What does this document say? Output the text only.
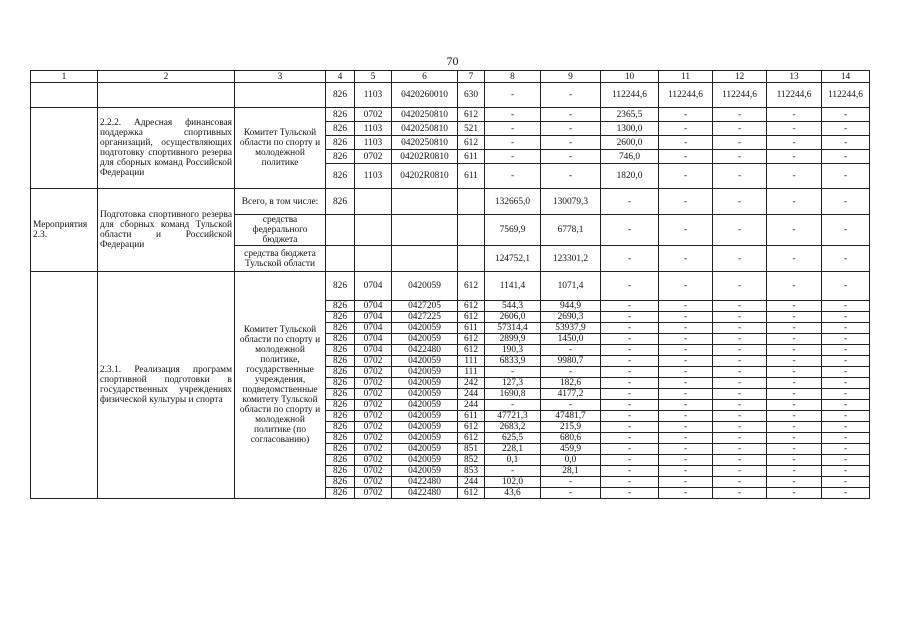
70
1	2	3	4	5	6	7	8	9	10	11	12	13	14
			826	1103	0420260010	630	-	-	112244,6	112244,6	112244,6	112244,6	112244,6
	2.2.2. Адресная финансовая поддержка спортивных организаций, осуществляющих подготовку спортивного резерва для сборных команд Российской Федерации	Комитет Тульской области по спорту и молодежной политике	826	0702	0420250810	612	-	-	2365,5	-	-	-	-
			826	1103	0420250810	521	-	-	1300,0	-	-	-	-
			826	1103	0420250810	612	-	-	2600,0	-	-	-	-
			826	0702	04202R0810	611	-	-	746,0	-	-	-	-
			826	1103	04202R0810	611	-	-	1820,0	-	-	-	-
Мероприятия 2.3.	Подготовка спортивного резерва для сборных команд Тульской области и Российской Федерации	Всего, в том числе:	826				132665,0	130079,3	-	-	-	-	-
		средства федерального бюджета					7569,9	6778,1	-	-	-	-	-
		средства бюджета Тульской области					124752,1	123301,2	-	-	-	-	-
	2.3.1. Реализация программ спортивной подготовки в государственных учреждениях физической культуры и спорта	Комитет Тульской области по спорту и молодежной политике, государственные учреждения, подведомственные комитету Тульской области по спорту и молодежной политике (по согласованию)	826	0704	0420059	612	1141,4	1071,4	-	-	-	-	-
			826	0704	0427205	612	544,3	944,9	-	-	-	-	-
			826	0704	0427225	612	2606,0	2690,3	-	-	-	-	-
			826	0704	0420059	611	57314,4	53937,9	-	-	-	-	-
			826	0704	0420059	612	2899,9	1450,0	-	-	-	-	-
			826	0704	0422480	612	190,3	-	-	-	-	-	-
			826	0702	0420059	111	6833,9	9980,7	-	-	-	-	-
			826	0702	0420059	111	-	-	-	-	-	-	-
			826	0702	0420059	242	127,3	182,6	-	-	-	-	-
			826	0702	0420059	244	1690,8	4177,2	-	-	-	-	-
			826	0702	0420059	244	-	-	-	-	-	-	-
			826	0702	0420059	611	47721,3	47481,7	-	-	-	-	-
			826	0702	0420059	612	2683,2	215,9	-	-	-	-	-
			826	0702	0420059	612	625,5	680,6	-	-	-	-	-
			826	0702	0420059	851	228,1	459,9	-	-	-	-	-
			826	0702	0420059	852	0,1	0,0	-	-	-	-	-
			826	0702	0420059	853	-	28,1	-	-	-	-	-
			826	0702	0422480	244	102,0	-	-	-	-	-	-
			826	0702	0422480	612	43,6	-	-	-	-	-	-
